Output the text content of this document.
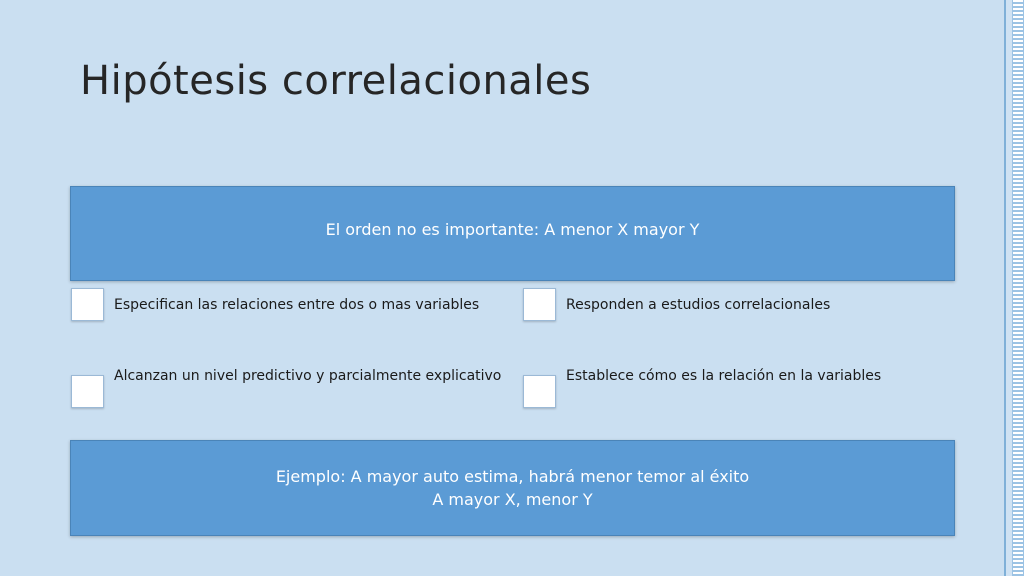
Hipótesis correlacionales
El orden no es importante: A menor X mayor Y
Especifican las relaciones entre dos o mas variables	Responden a estudios correlacionales
Alcanzan un nivel predictivo y parcialmente explicativo	Establece cómo es la relación en la variables
Ejemplo: A mayor auto estima, habrá menor temor al éxito
A mayor X, menor Y
